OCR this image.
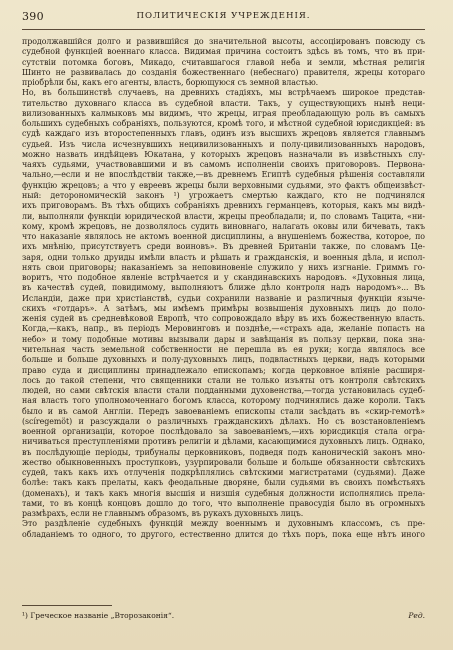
390	ПОЛИТИЧЕСКІЯ УЧРЕЖДЕНІЯ.
продолжавшійся долго и развившійся до значительной высоты, ассоціированъ повсюду съ
судебной функціей военнаго класса. Видимая причина состоитъ здѣсь въ томъ, что въ при-
сутствіи потомка боговъ, Микадо, считавшагося главой неба и земли, мѣстная религія
Шинто не развивалась до созданія божественнаго (небеснаго) правителя, жрецы котораго
пріобрѣли бы, какъ его агенты, власть, борющуюся съ земной властью.
Но, въ большинствѣ случаевъ, на древнихъ стадіяхъ, мы встрѣчаемъ широкое представ-
тительство духовнаго класса въ судебной власти. Такъ, у существующихъ нынѣ неци-
вилизованныхъ калмыковъ мы видимъ, что жрецы, играя преобладающую роль въ самыхъ
большихъ судебныхъ собраніяхъ, пользуются, кромѣ того, и мѣстной судебной юрисдикціей: въ
судѣ каждаго изъ второстепенныхъ главъ, одинъ изъ высшихъ жрецовъ является главнымъ
судьей. Изъ числа исчезнувшихъ нецивилизованныхъ и полу-цивилизованныхъ народовъ,
можно назвать индѣйцевъ Юкатана, у которыхъ жрецовъ назначали въ извѣстныхъ слу-
чаяхъ судьями, участвовавшими и въ самомъ исполненіи своихъ приговоровъ. Первона-
чально,—если и не впослѣдствіи также,—въ древнемъ Египтѣ судебныя рѣшенія составляли
функцію жрецовъ; а что у евреевъ жрецы были верховными судьями, это фактъ общеизвѣст-
ный: деторономическій законъ ¹) угрожаетъ смертью каждаго, кто не подчинялся
ихъ приговорамъ. Въ тѣхъ общихъ собраніяхъ древнихъ германцевъ, которыя, какъ мы видѣ-
ли, выполняли функціи юридической власти, жрецы преобладали; и, по словамъ Тацита, «ни-
кому, кромѣ жрецовъ, не дозволялось судить виновнаго, налагать оковы или бичевать, такъ
что наказаніе являлось не актомъ военной дисциплины, а внушеніемъ божества, которое, по
ихъ мнѣнію, присутствуетъ среди воиновъ». Въ древней Британіи также, по словамъ Це-
заря, одни только друиды имѣли власть и рѣшать и гражданскія, и военныя дѣла, и испол-
нять свои приговоры; наказаніемъ за неповиновеніе служило у нихъ изгнаніе. Гриммъ го-
воритъ, что подобное явленіе встрѣчается и у скандинавскихъ народовъ. «Духовныя лица,
въ качествѣ судей, повидимому, выполняютъ ближе дѣло контроля надъ народомъ»... Въ
Исландіи, даже при христіанствѣ, судьи сохранили названіе и различныя функціи языче-
скихъ «готдаръ». А затѣмъ, мы имѣемъ примѣры возвышенія духовныхъ лицъ до поло-
женія судей въ средневѣковой Европѣ, что сопровождало вѣру въ ихъ божественную власть.
Когда,—какъ, напр., въ періодъ Меровинговъ и позднѣе,—«страхъ ада, желаніе попасть на
небо» и тому подобные мотивы вызывали дары и завѣщанія въ пользу церкви, пока зна-
чительная часть земельной собственности не перешла въ ея руки; когда являлось все
больше и больше духовныхъ и полу-духовныхъ лицъ, подвластныхъ церкви, надъ которыми
право суда и дисциплины принадлежало епископамъ; когда церковное вліяніе расширя-
лось до такой степени, что священники стали не только изъяты отъ контроля свѣтскихъ
людей, но сами свѣтскія власти стали подданными духовенства,—тогда установилась судеб-
ная власть того уполномоченнаго богомъ класса, которому подчинялись даже короли. Такъ
было и въ самой Англіи. Передъ завоеваніемъ епископы стали засѣдать въ «скир-гемотѣ»
(scíregemöt) и разсуждали о различныхъ гражданскихъ дѣлахъ. Но съ возстановленіемъ
военной организаціи, которое послѣдовало за завоеваніемъ,—ихъ юрисдикція стала огра-
ничиваться преступленіями противъ религіи и дѣлами, касающимися духовныхъ лицъ. Однако,
въ послѣдующіе періоды, трибуналы церковниковъ, подведя подъ каноническій законъ мно-
жество обыкновенныхъ проступковъ, узурпировали больше и больше обязанности свѣтскихъ
судей, такъ какъ ихъ отлученія подкрѣплялись свѣтскими магистратами (судьями). Даже
болѣе: такъ какъ прелаты, какъ феодальные дворяне, были судьями въ своихъ помѣстьяхъ
(доменахъ), и такъ какъ многія высшія и низшія судебныя должности исполнялись прела-
тами, то въ концѣ концовъ дошло до того, что выполненіе правосудія было въ огромныхъ
размѣрахъ, если не главнымъ образомъ, въ рукахъ духовныхъ лицъ.
Это раздѣленіе судебныхъ функцій между военнымъ и духовнымъ классомъ, съ пре-
обладаніемъ то одного, то другого, естественно длится до тѣхъ поръ, пока еще нѣтъ иного
¹) Греческое названіе „Второзаконія“.	Ред.
